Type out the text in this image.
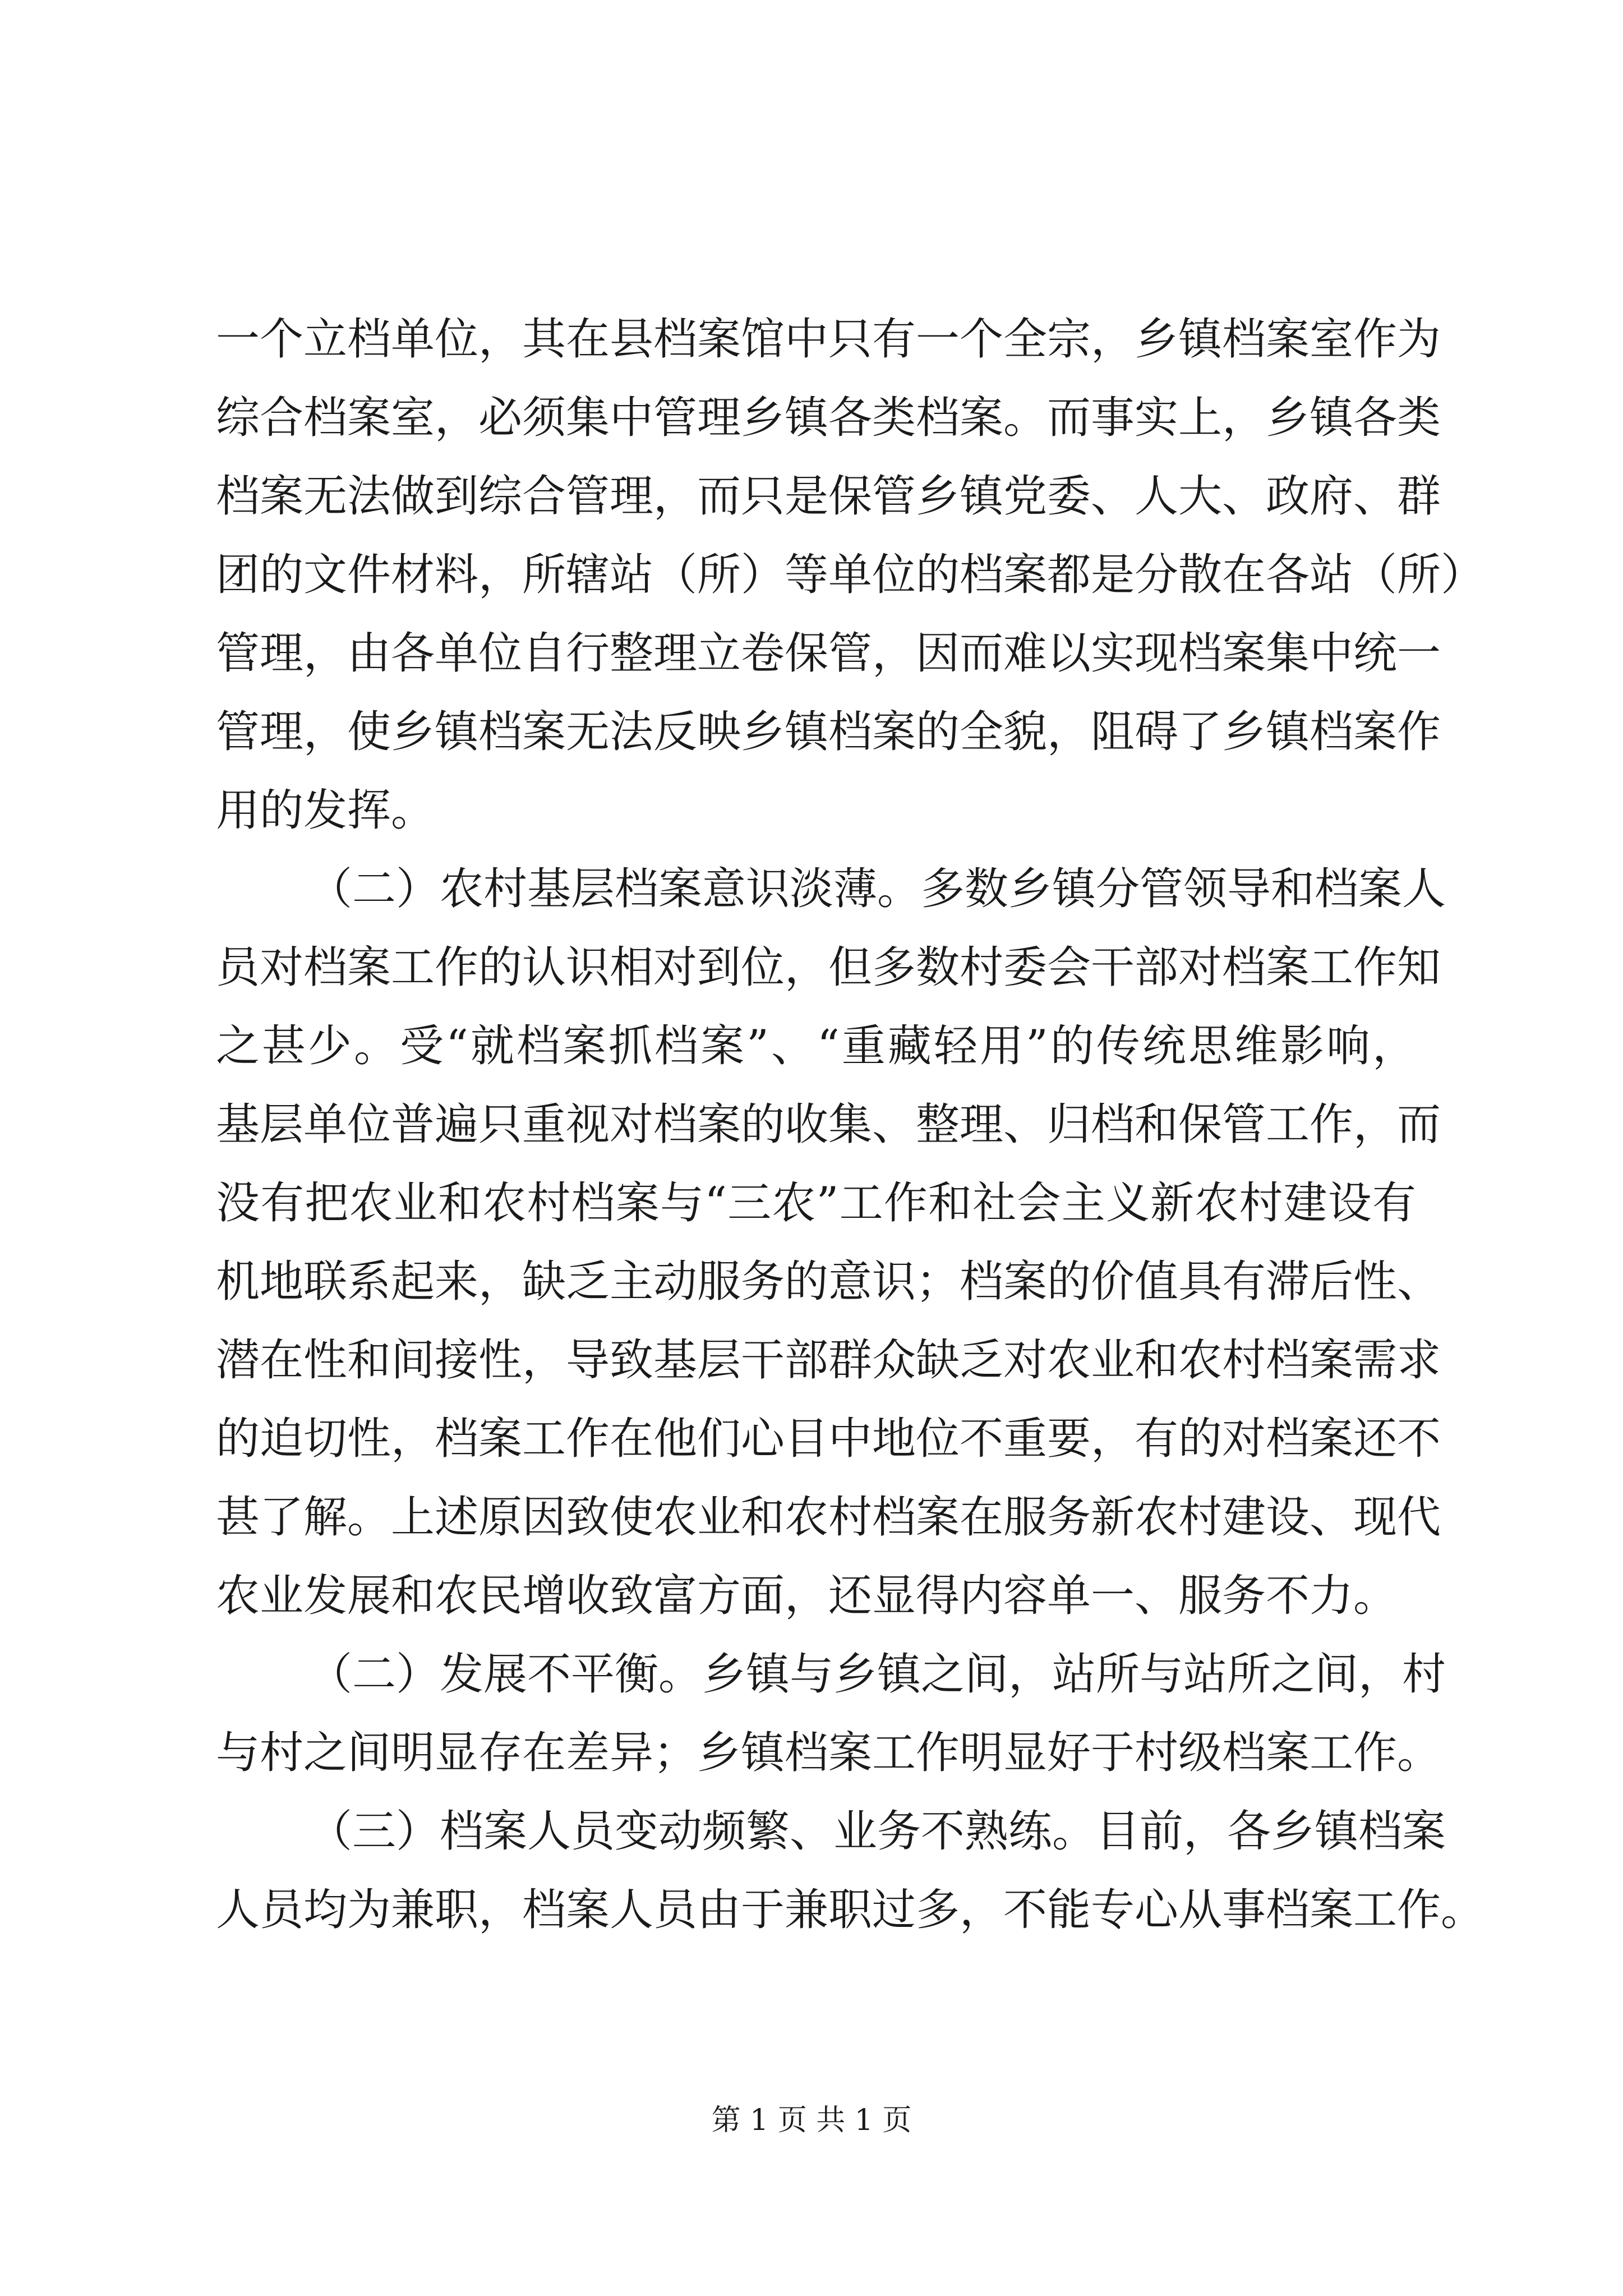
一个立档单位，其在县档案馆中只有一个全宗，乡镇档案室作为
综合档案室，必须集中管理乡镇各类档案。而事实上，乡镇各类
档案无法做到综合管理，而只是保管乡镇党委、人大、政府、群
团的文件材料，所辖站（所）等单位的档案都是分散在各站（所）
管理，由各单位自行整理立卷保管，因而难以实现档案集中统一
管理，使乡镇档案无法反映乡镇档案的全貌，阻碍了乡镇档案作
用的发挥。
（二）农村基层档案意识淡薄。多数乡镇分管领导和档案人
员对档案工作的认识相对到位，但多数村委会干部对档案工作知
之甚少。受“就档案抓档案”、“重藏轻用”的传统思维影响，
基层单位普遍只重视对档案的收集、整理、归档和保管工作，而
没有把农业和农村档案与“三农”工作和社会主义新农村建设有
机地联系起来，缺乏主动服务的意识；档案的价值具有滞后性、
潜在性和间接性，导致基层干部群众缺乏对农业和农村档案需求
的迫切性，档案工作在他们心目中地位不重要，有的对档案还不
甚了解。上述原因致使农业和农村档案在服务新农村建设、现代
农业发展和农民增收致富方面，还显得内容单一、服务不力。
（二）发展不平衡。乡镇与乡镇之间，站所与站所之间，村
与村之间明显存在差异；乡镇档案工作明显好于村级档案工作。
（三）档案人员变动频繁、业务不熟练。目前，各乡镇档案
人员均为兼职，档案人员由于兼职过多，不能专心从事档案工作。
第 1 页 共 1 页
